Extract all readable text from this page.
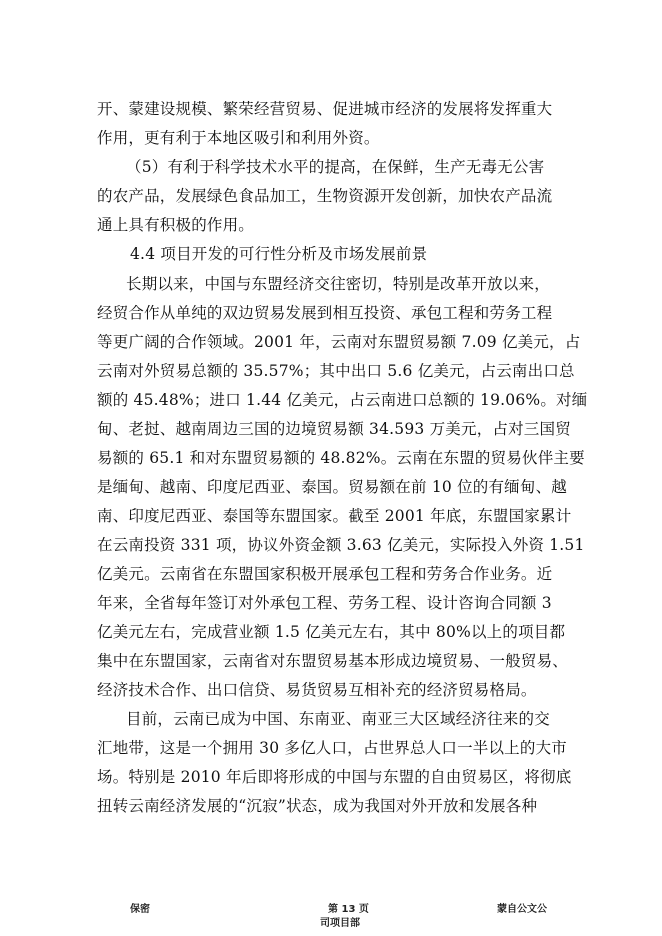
开、蒙建设规模、繁荣经营贸易、促进城市经济的发展将发挥重大
作用，更有利于本地区吸引和利用外资。
（5）有利于科学技术水平的提高，在保鲜，生产无毒无公害
的农产品，发展绿色食品加工，生物资源开发创新，加快农产品流
通上具有积极的作用。
4.4 项目开发的可行性分析及市场发展前景
长期以来，中国与东盟经济交往密切，特别是改革开放以来，
经贸合作从单纯的双边贸易发展到相互投资、承包工程和劳务工程
等更广阔的合作领域。2001 年，云南对东盟贸易额 7.09 亿美元，占
云南对外贸易总额的 35.57%；其中出口 5.6 亿美元，占云南出口总
额的 45.48%；进口 1.44 亿美元，占云南进口总额的 19.06%。对缅
甸、老挝、越南周边三国的边境贸易额 34.593 万美元，占对三国贸
易额的 65.1 和对东盟贸易额的 48.82%。云南在东盟的贸易伙伴主要
是缅甸、越南、印度尼西亚、泰国。贸易额在前 10 位的有缅甸、越
南、印度尼西亚、泰国等东盟国家。截至 2001 年底，东盟国家累计
在云南投资 331 项，协议外资金额 3.63 亿美元，实际投入外资 1.51
亿美元。云南省在东盟国家积极开展承包工程和劳务合作业务。近
年来，全省每年签订对外承包工程、劳务工程、设计咨询合同额 3
亿美元左右，完成营业额 1.5 亿美元左右，其中 80%以上的项目都
集中在东盟国家，云南省对东盟贸易基本形成边境贸易、一般贸易、
经济技术合作、出口信贷、易货贸易互相补充的经济贸易格局。
目前，云南已成为中国、东南亚、南亚三大区域经济往来的交
汇地带，这是一个拥用 30 多亿人口，占世界总人口一半以上的大市
场。特别是 2010 年后即将形成的中国与东盟的自由贸易区，将彻底
扭转云南经济发展的“沉寂”状态，成为我国对外开放和发展各种
保密	第 13 页	蒙自公文公
司项目部
